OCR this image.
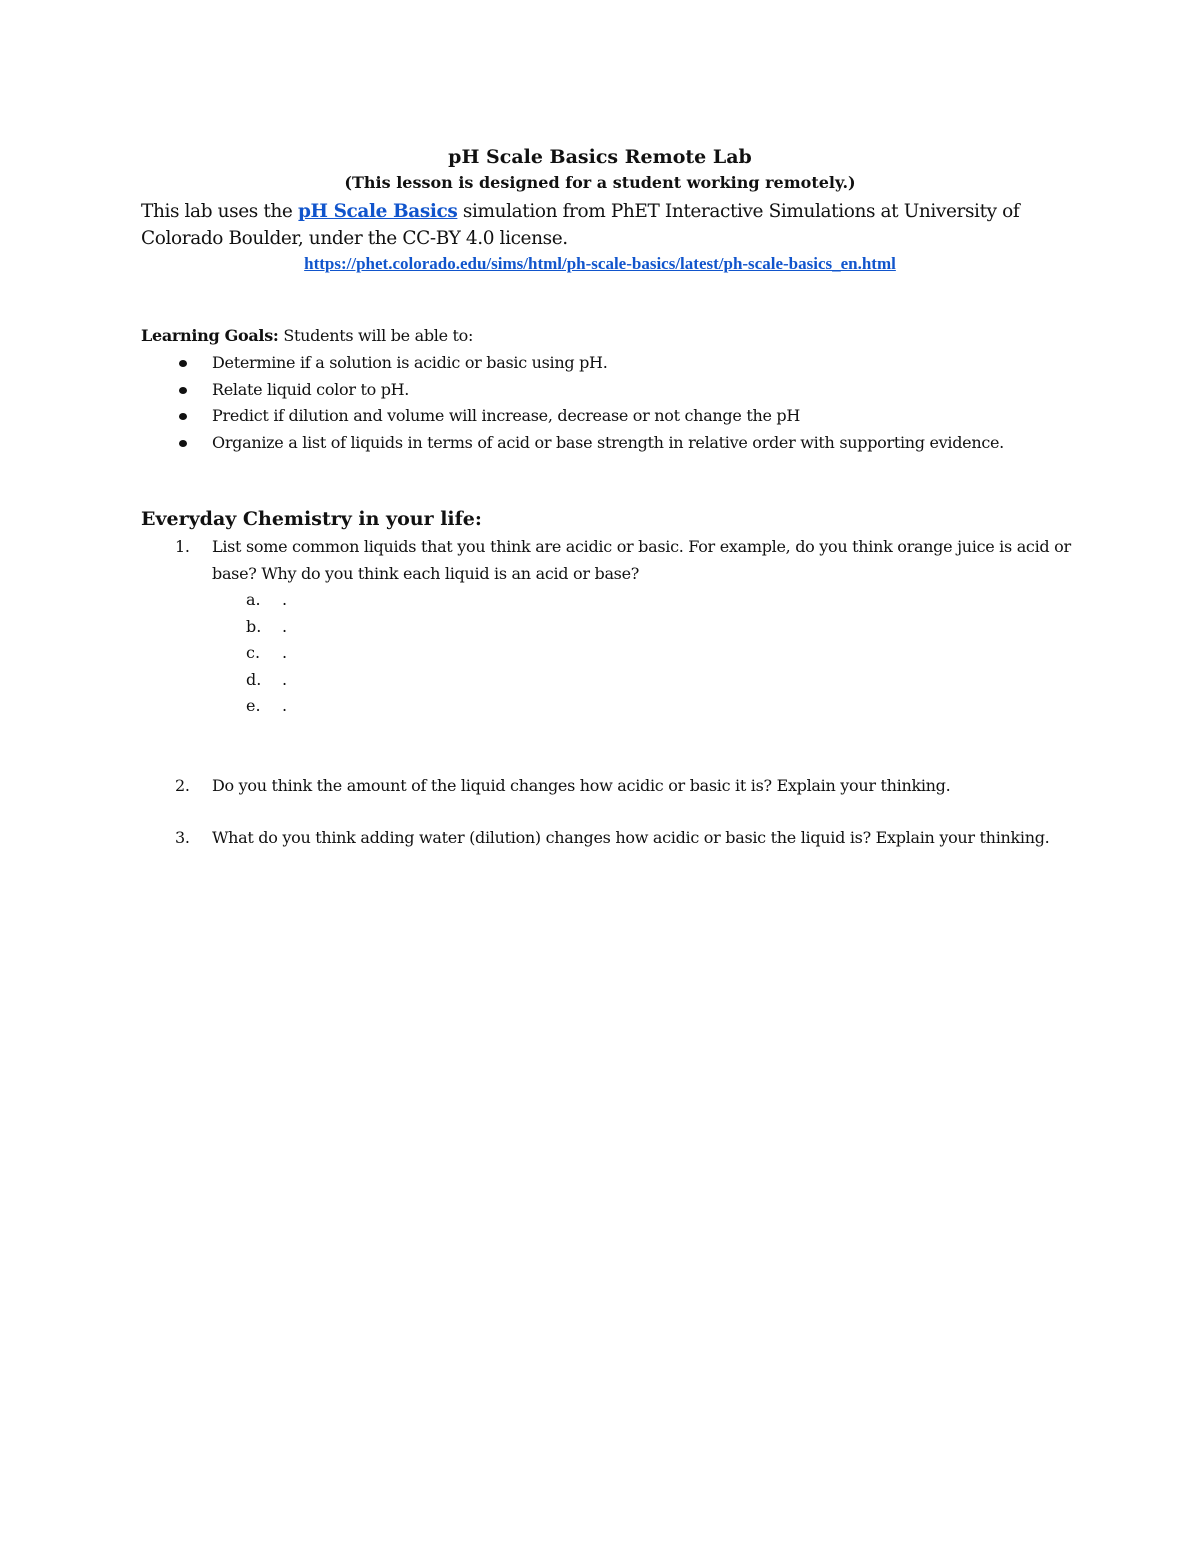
pH Scale Basics Remote Lab
(This lesson is designed for a student working remotely.)
This lab uses the pH Scale Basics simulation from PhET Interactive Simulations at University of Colorado Boulder, under the CC-BY 4.0 license.
https://phet.colorado.edu/sims/html/ph-scale-basics/latest/ph-scale-basics_en.html
Learning Goals: Students will be able to:
Determine if a solution is acidic or basic using pH.
Relate liquid color to pH.
Predict if dilution and volume will increase, decrease or not change the pH
Organize a list of liquids in terms of acid or base strength in relative order with supporting evidence.
Everyday Chemistry in your life:
1.	List some common liquids that you think are acidic or basic. For example, do you think orange juice is acid or base? Why do you think each liquid is an acid or base?
a. .
b. .
c. .
d. .
e. .
2.	Do you think the amount of the liquid changes how acidic or basic it is? Explain your thinking.
3.	What do you think adding water (dilution) changes how acidic or basic the liquid is? Explain your thinking.
